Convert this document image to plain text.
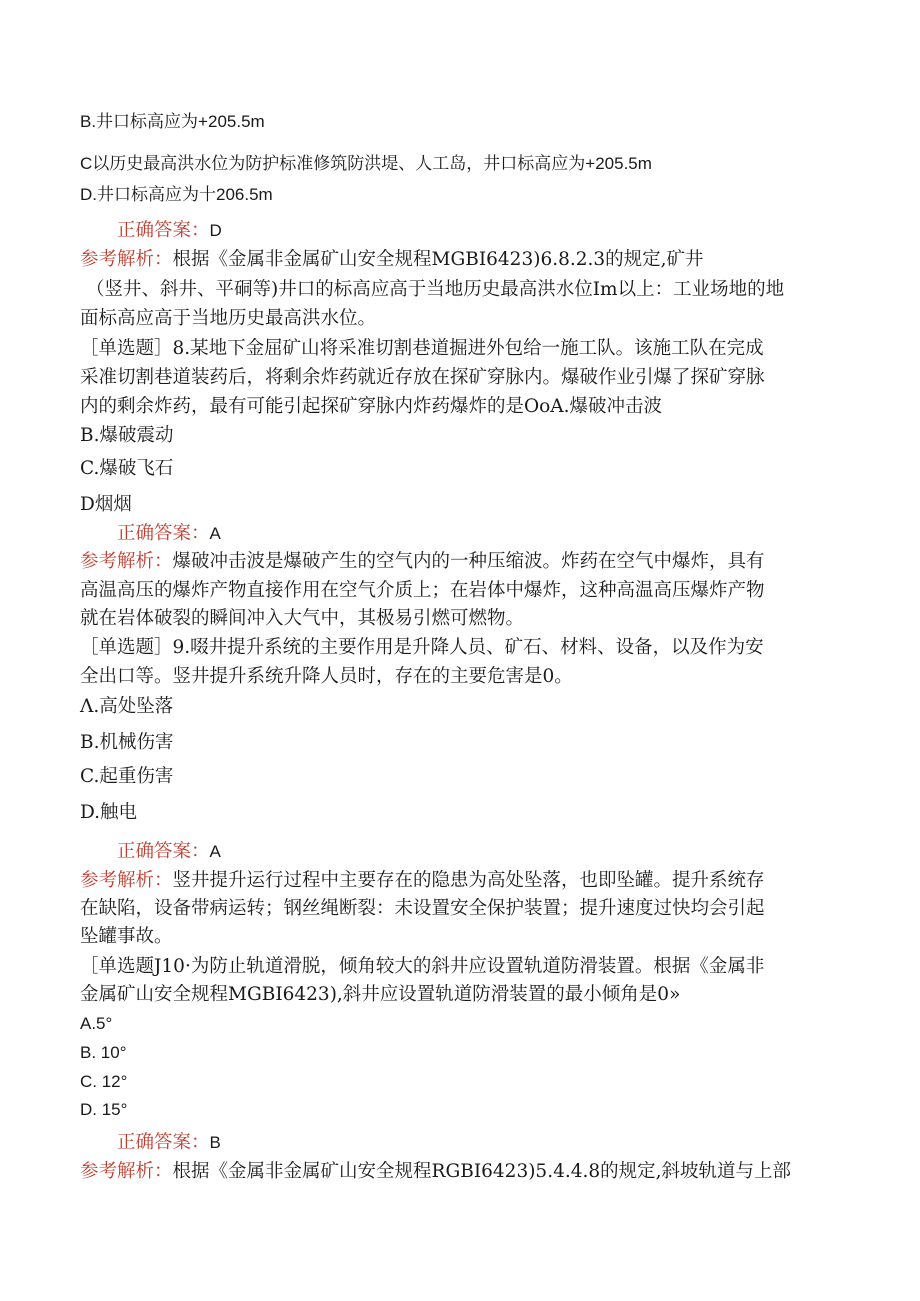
B.井口标高应为+205.5m
C以历史最高洪水位为防护标准修筑防洪堤、人工岛，井口标高应为+205.5m
D.井口标高应为十206.5m
正确答案：D
参考解析：根据《金属非金属矿山安全规程MGBI6423)6.8.2.3的规定,矿井
（竖井、斜井、平硐等)井口的标高应高于当地历史最高洪水位Im以上：工业场地的地
面标高应高于当地历史最高洪水位。
［单选题］8.某地下金屈矿山将采准切割巷道掘进外包给一施工队。该施工队在完成
采准切割巷道装药后，将剩余炸药就近存放在探矿穿脉内。爆破作业引爆了探矿穿脉
内的剩余炸药，最有可能引起探矿穿脉内炸药爆炸的是OoA.爆破冲击波
B.爆破震动
C.爆破飞石
D烟烟
正确答案：A
参考解析：爆破冲击波是爆破产生的空气内的一种压缩波。炸药在空气中爆炸，具有
高温高压的爆炸产物直接作用在空气介质上；在岩体中爆炸，这种高温高压爆炸产物
就在岩体破裂的瞬间冲入大气中，其极易引燃可燃物。
［单选题］9.啜井提升系统的主要作用是升降人员、矿石、材料、设备，以及作为安
全出口等。竖井提升系统升降人员时，存在的主要危害是0。
Λ.高处坠落
B.机械伤害
C.起重伤害
D.触电
正确答案：A
参考解析：竖井提升运行过程中主要存在的隐患为高处坠落，也即坠罐。提升系统存
在缺陷，设备带病运转；钢丝绳断裂：未设置安全保护装置；提升速度过快均会引起
坠罐事故。
［单选题J10·为防止轨道滑脱，倾角较大的斜井应设置轨道防滑装置。根据《金属非
金属矿山安全规程MGBI6423),斜井应设置轨道防滑装置的最小倾角是0»
A.5°
B. 10°
C. 12°
D. 15°
正确答案：B
参考解析：根据《金属非金属矿山安全规程RGBI6423)5.4.4.8的规定,斜坡轨道与上部
